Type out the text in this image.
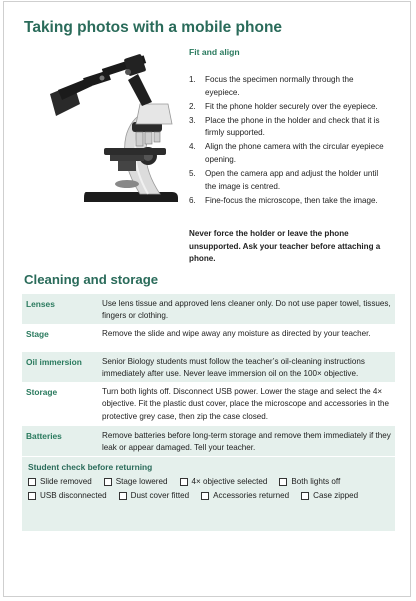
Taking photos with a mobile phone
Fit and align
1. Focus the specimen normally through the eyepiece.
2. Fit the phone holder securely over the eyepiece.
3. Place the phone in the holder and check that it is firmly supported.
4. Align the phone camera with the circular eyepiece opening.
5. Open the camera app and adjust the holder until the image is centred.
6. Fine-focus the microscope, then take the image.
Never force the holder or leave the phone unsupported. Ask your teacher before attaching a phone.
Cleaning and storage
Lenses	Use lens tissue and approved lens cleaner only. Do not use paper towel, tissues, fingers or clothing.
Stage	Remove the slide and wipe away any moisture as directed by your teacher.
Oil immersion	Senior Biology students must follow the teacher’s oil-cleaning instructions immediately after use. Never leave immersion oil on the 100× objective.
Storage	Turn both lights off. Disconnect USB power. Lower the stage and select the 4× objective. Fit the plastic dust cover, place the microscope and accessories in the protective grey case, then zip the case closed.
Batteries	Remove batteries before long-term storage and remove them immediately if they leak or appear damaged. Tell your teacher.
Student check before returning
Slide removed	Stage lowered	4× objective selected	Both lights off
USB disconnected	Dust cover fitted	Accessories returned	Case zipped
